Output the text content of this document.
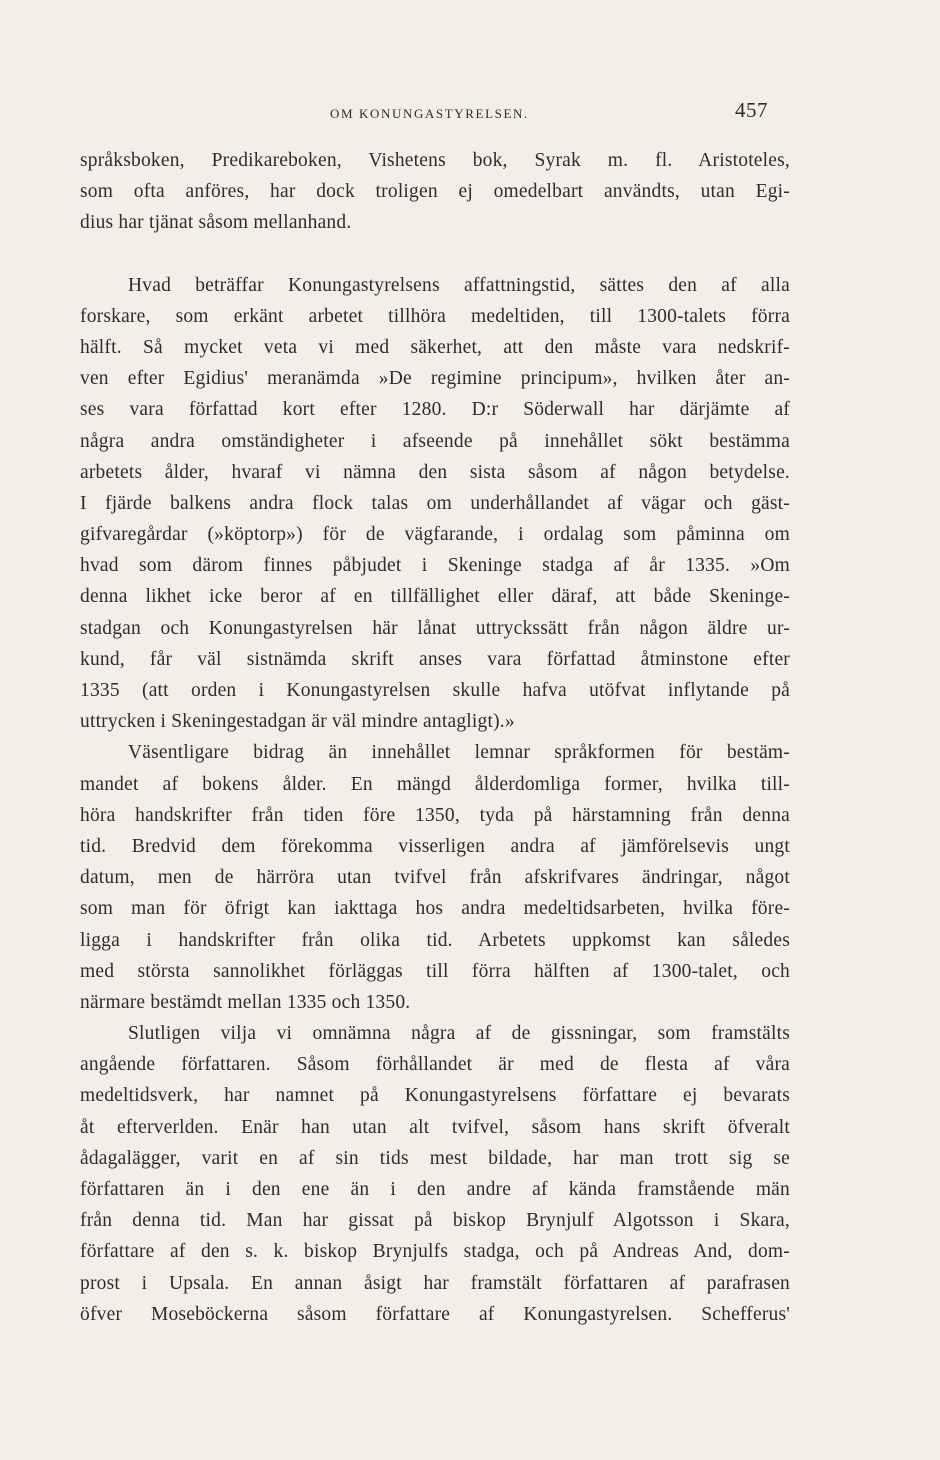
OM KONUNGASTYRELSEN.	457
språksboken, Predikareboken, Vishetens bok, Syrak m. fl. Aristoteles,
som ofta anföres, har dock troligen ej omedelbart användts, utan Egi-
dius har tjänat såsom mellanhand.
Hvad beträffar Konungastyrelsens affattningstid, sättes den af alla
forskare, som erkänt arbetet tillhöra medeltiden, till 1300-talets förra
hälft. Så mycket veta vi med säkerhet, att den måste vara nedskrif-
ven efter Egidius' meranämda »De regimine principum», hvilken åter an-
ses vara författad kort efter 1280. D:r Söderwall har därjämte af
några andra omständigheter i afseende på innehållet sökt bestämma
arbetets ålder, hvaraf vi nämna den sista såsom af någon betydelse.
I fjärde balkens andra flock talas om underhållandet af vägar och gäst-
gifvaregårdar (»köptorp») för de vägfarande, i ordalag som påminna om
hvad som därom finnes påbjudet i Skeninge stadga af år 1335. »Om
denna likhet icke beror af en tillfällighet eller däraf, att både Skeninge-
stadgan och Konungastyrelsen här lånat uttryckssätt från någon äldre ur-
kund, får väl sistnämda skrift anses vara författad åtminstone efter
1335 (att orden i Konungastyrelsen skulle hafva utöfvat inflytande på
uttrycken i Skeningestadgan är väl mindre antagligt).»
Väsentligare bidrag än innehållet lemnar språkformen för bestäm-
mandet af bokens ålder. En mängd ålderdomliga former, hvilka till-
höra handskrifter från tiden före 1350, tyda på härstamning från denna
tid. Bredvid dem förekomma visserligen andra af jämförelsevis ungt
datum, men de härröra utan tvifvel från afskrifvares ändringar, något
som man för öfrigt kan iakttaga hos andra medeltidsarbeten, hvilka före-
ligga i handskrifter från olika tid. Arbetets uppkomst kan således
med största sannolikhet förläggas till förra hälften af 1300-talet, och
närmare bestämdt mellan 1335 och 1350.
Slutligen vilja vi omnämna några af de gissningar, som framstälts
angående författaren. Såsom förhållandet är med de flesta af våra
medeltidsverk, har namnet på Konungastyrelsens författare ej bevarats
åt efterverlden. Enär han utan alt tvifvel, såsom hans skrift öfveralt
ådagalägger, varit en af sin tids mest bildade, har man trott sig se
författaren än i den ene än i den andre af kända framstående män
från denna tid. Man har gissat på biskop Brynjulf Algotsson i Skara,
författare af den s. k. biskop Brynjulfs stadga, och på Andreas And, dom-
prost i Upsala. En annan åsigt har framstält författaren af parafrasen
öfver Moseböckerna såsom författare af Konungastyrelsen. Schefferus'
